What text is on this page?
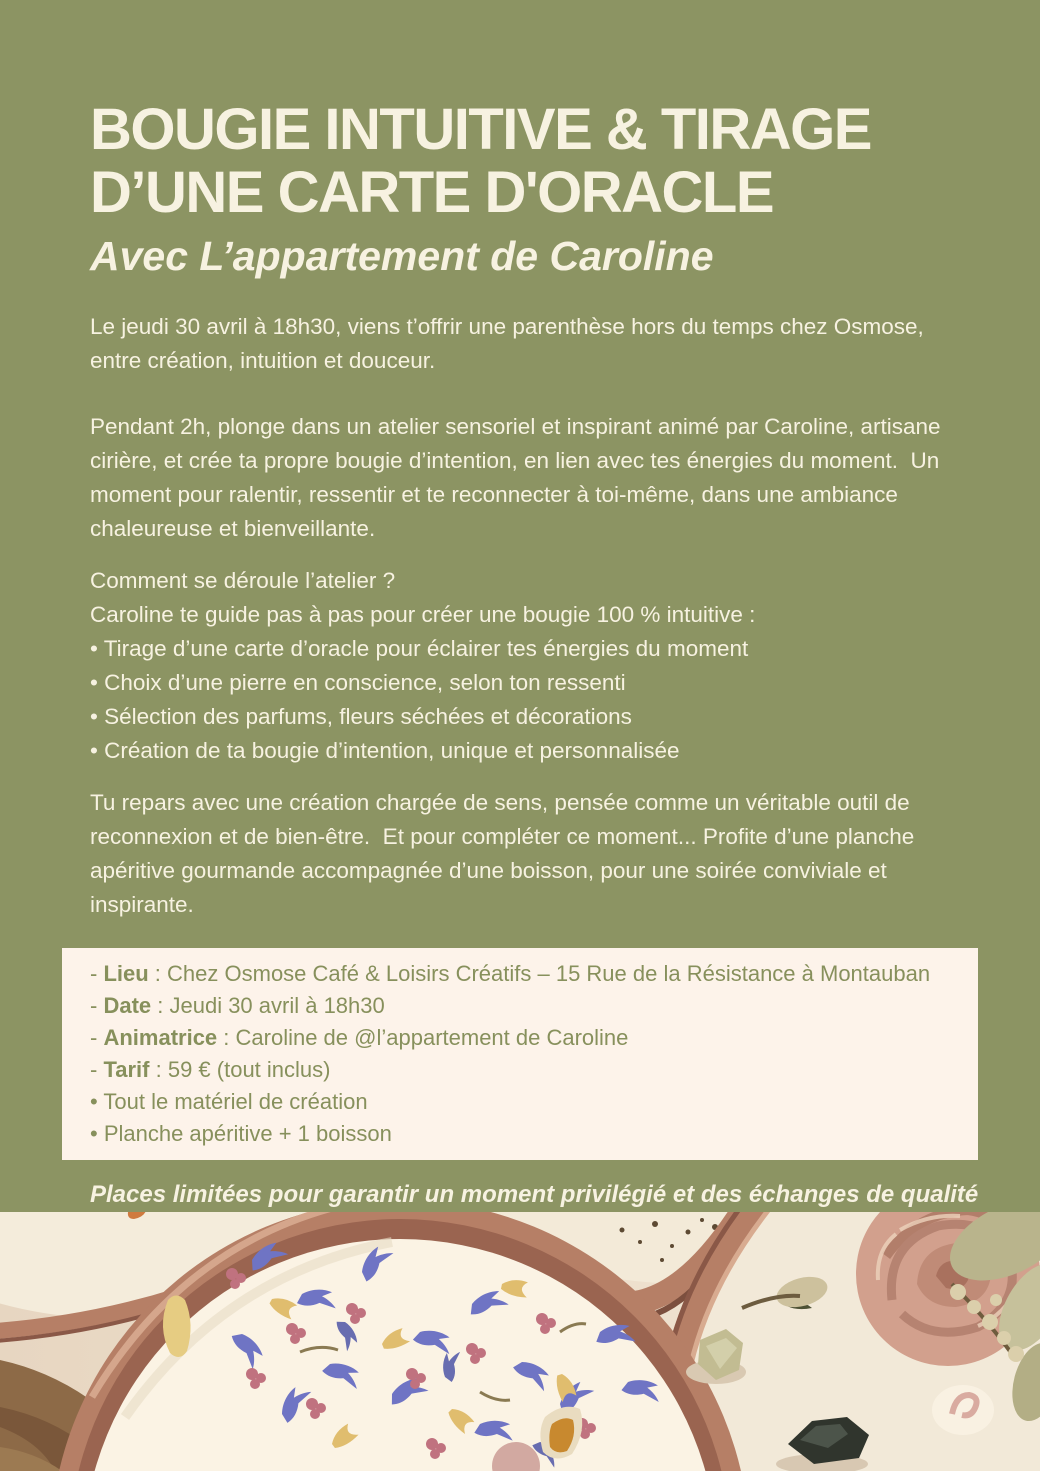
BOUGIE INTUITIVE & TIRAGE
D’UNE CARTE D'ORACLE
Avec L’appartement de Caroline

Le jeudi 30 avril à 18h30, viens t’offrir une parenthèse hors du temps chez Osmose, entre création, intuition et douceur.

Pendant 2h, plonge dans un atelier sensoriel et inspirant animé par Caroline, artisane cirière, et crée ta propre bougie d’intention, en lien avec tes énergies du moment.  Un moment pour ralentir, ressentir et te reconnecter à toi-même, dans une ambiance chaleureuse et bienveillante.

Comment se déroule l’atelier ?
Caroline te guide pas à pas pour créer une bougie 100 % intuitive :
• Tirage d’une carte d’oracle pour éclairer tes énergies du moment
• Choix d’une pierre en conscience, selon ton ressenti
• Sélection des parfums, fleurs séchées et décorations
• Création de ta bougie d’intention, unique et personnalisée

Tu repars avec une création chargée de sens, pensée comme un véritable outil de reconnexion et de bien-être.  Et pour compléter ce moment... Profite d’une planche apéritive gourmande accompagnée d’une boisson, pour une soirée conviviale et inspirante.

- Lieu : Chez Osmose Café & Loisirs Créatifs – 15 Rue de la Résistance à Montauban
- Date : Jeudi 30 avril à 18h30
- Animatrice : Caroline de @l’appartement de Caroline
- Tarif : 59 € (tout inclus)
• Tout le matériel de création
• Planche apéritive + 1 boisson
Places limitées pour garantir un moment privilégié et des échanges de qualité
